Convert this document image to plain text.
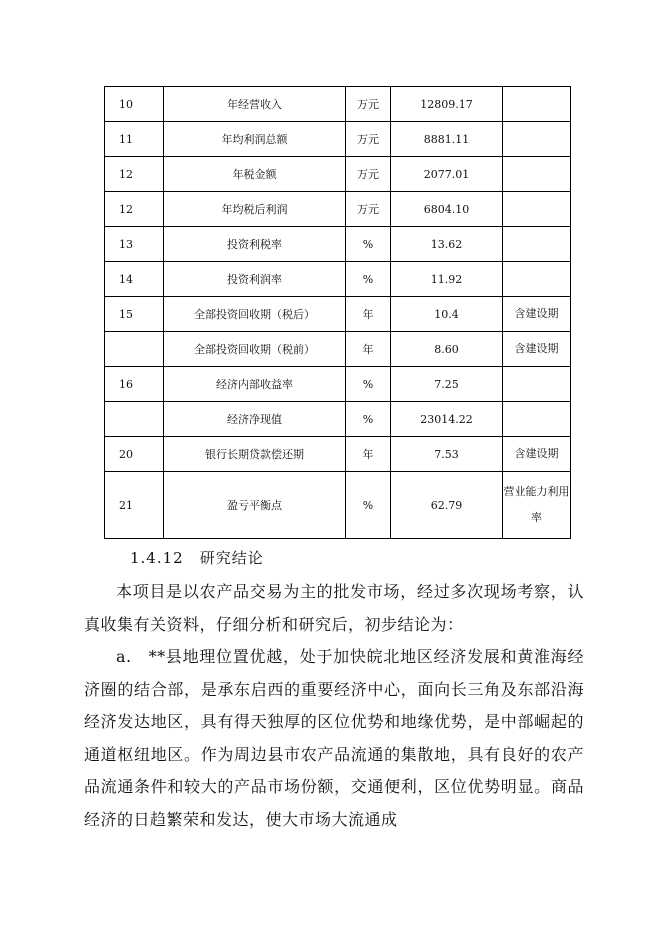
10	年经营收入	万元	12809.17	
11	年均利润总额	万元	8881.11	
12	年税金额	万元	2077.01	
12	年均税后利润	万元	6804.10	
13	投资利税率	%	13.62	
14	投资利润率	%	11.92	
15	全部投资回收期（税后）	年	10.4	含建设期
	全部投资回收期（税前）	年	8.60	含建设期
16	经济内部收益率	%	7.25	
	经济净现值	%	23014.22	
20	银行长期贷款偿还期	年	7.53	含建设期
21	盈亏平衡点	%	62.79	营业能力利用率
1.4.12　研究结论

本项目是以农产品交易为主的批发市场，经过多次现场考察，认真收集有关资料，仔细分析和研究后，初步结论为：

a.　**县地理位置优越，处于加快皖北地区经济发展和黄淮海经济圈的结合部，是承东启西的重要经济中心，面向长三角及东部沿海经济发达地区，具有得天独厚的区位优势和地缘优势，是中部崛起的通道枢纽地区。作为周边县市农产品流通的集散地，具有良好的农产品流通条件和较大的产品市场份额，交通便利，区位优势明显。商品经济的日趋繁荣和发达，使大市场大流通成
